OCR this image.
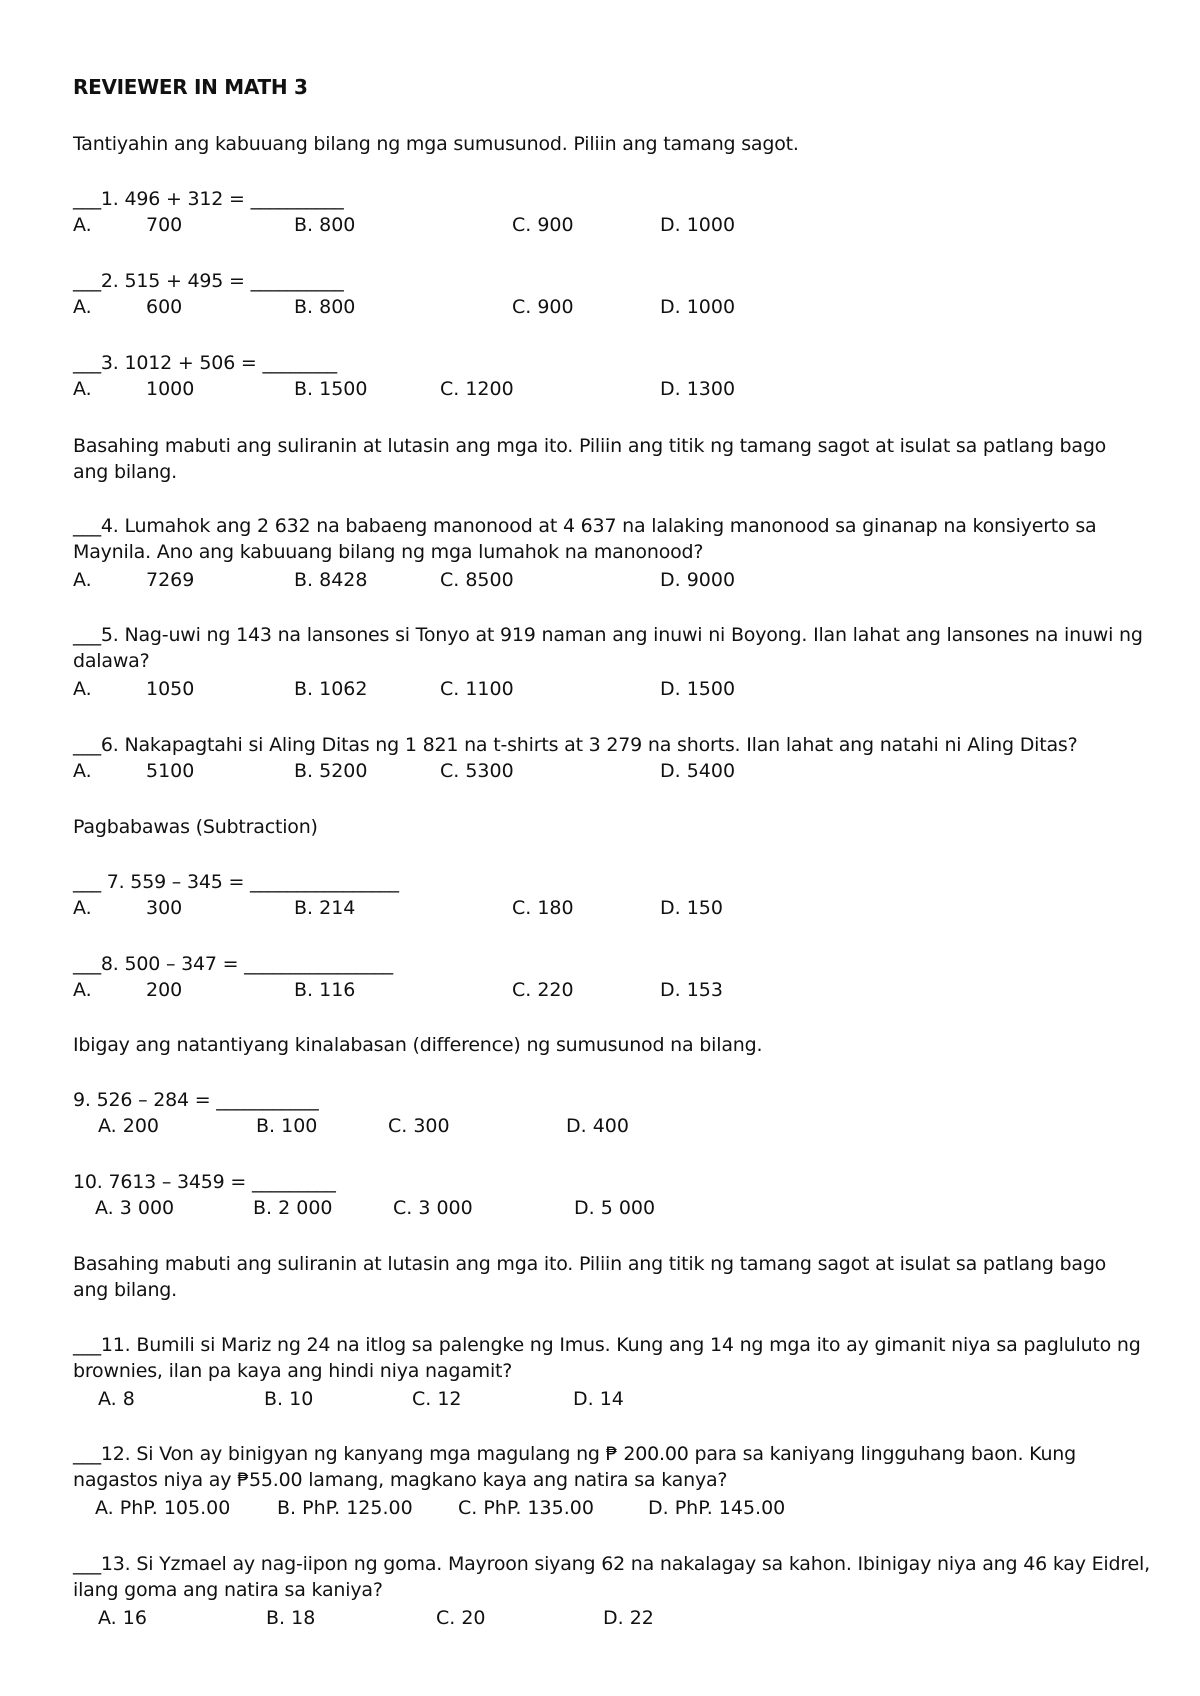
REVIEWER IN MATH 3
Tantiyahin ang kabuuang bilang ng mga sumusunod. Piliin ang tamang sagot.
___1. 496 + 312 = __________
A.	700	B. 800	C. 900	D. 1000
___2. 515 + 495 = __________
A.	600	B. 800	C. 900	D. 1000
___3. 1012 + 506 = ________
A.	1000	B. 1500	C. 1200	D. 1300
Basahing mabuti ang suliranin at lutasin ang mga ito. Piliin ang titik ng tamang sagot at isulat sa patlang bago ang bilang.
___4. Lumahok ang 2 632 na babaeng manonood at 4 637 na lalaking manonood sa ginanap na konsiyerto sa Maynila. Ano ang kabuuang bilang ng mga lumahok na manonood?
A.	7269	B. 8428	C. 8500	D. 9000
___5. Nag-uwi ng 143 na lansones si Tonyo at 919 naman ang inuwi ni Boyong. Ilan lahat ang lansones na inuwi ng dalawa?
A.	1050	B. 1062	C. 1100	D. 1500
___6. Nakapagtahi si Aling Ditas ng 1 821 na t-shirts at 3 279 na shorts. Ilan lahat ang natahi ni Aling Ditas?
A.	5100	B. 5200	C. 5300	D. 5400
Pagbabawas (Subtraction)
___ 7. 559 – 345 = ________________
A.	300	B. 214	C. 180	D. 150
___8. 500 – 347 = ________________
A.	200	B. 116	C. 220	D. 153
Ibigay ang natantiyang kinalabasan (difference) ng sumusunod na bilang.
9. 526 – 284 = ___________
A. 200	B. 100	C. 300	D. 400
10. 7613 – 3459 = _________
A. 3 000	B. 2 000	C. 3 000	D. 5 000
Basahing mabuti ang suliranin at lutasin ang mga ito. Piliin ang titik ng tamang sagot at isulat sa patlang bago ang bilang.
___11. Bumili si Mariz ng 24 na itlog sa palengke ng Imus. Kung ang 14 ng mga ito ay gimanit niya sa pagluluto ng brownies, ilan pa kaya ang hindi niya nagamit?
A. 8	B. 10	C. 12	D. 14
___12. Si Von ay binigyan ng kanyang mga magulang ng ₱ 200.00 para sa kaniyang lingguhang baon. Kung nagastos niya ay ₱55.00 lamang, magkano kaya ang natira sa kanya?
A. PhP. 105.00 B. PhP. 125.00 C. PhP. 135.00	D. PhP. 145.00
___13. Si Yzmael ay nag-iipon ng goma. Mayroon siyang 62 na nakalagay sa kahon. Ibinigay niya ang 46 kay Eidrel, ilang goma ang natira sa kaniya?
A. 16	B. 18	C. 20	D. 22
